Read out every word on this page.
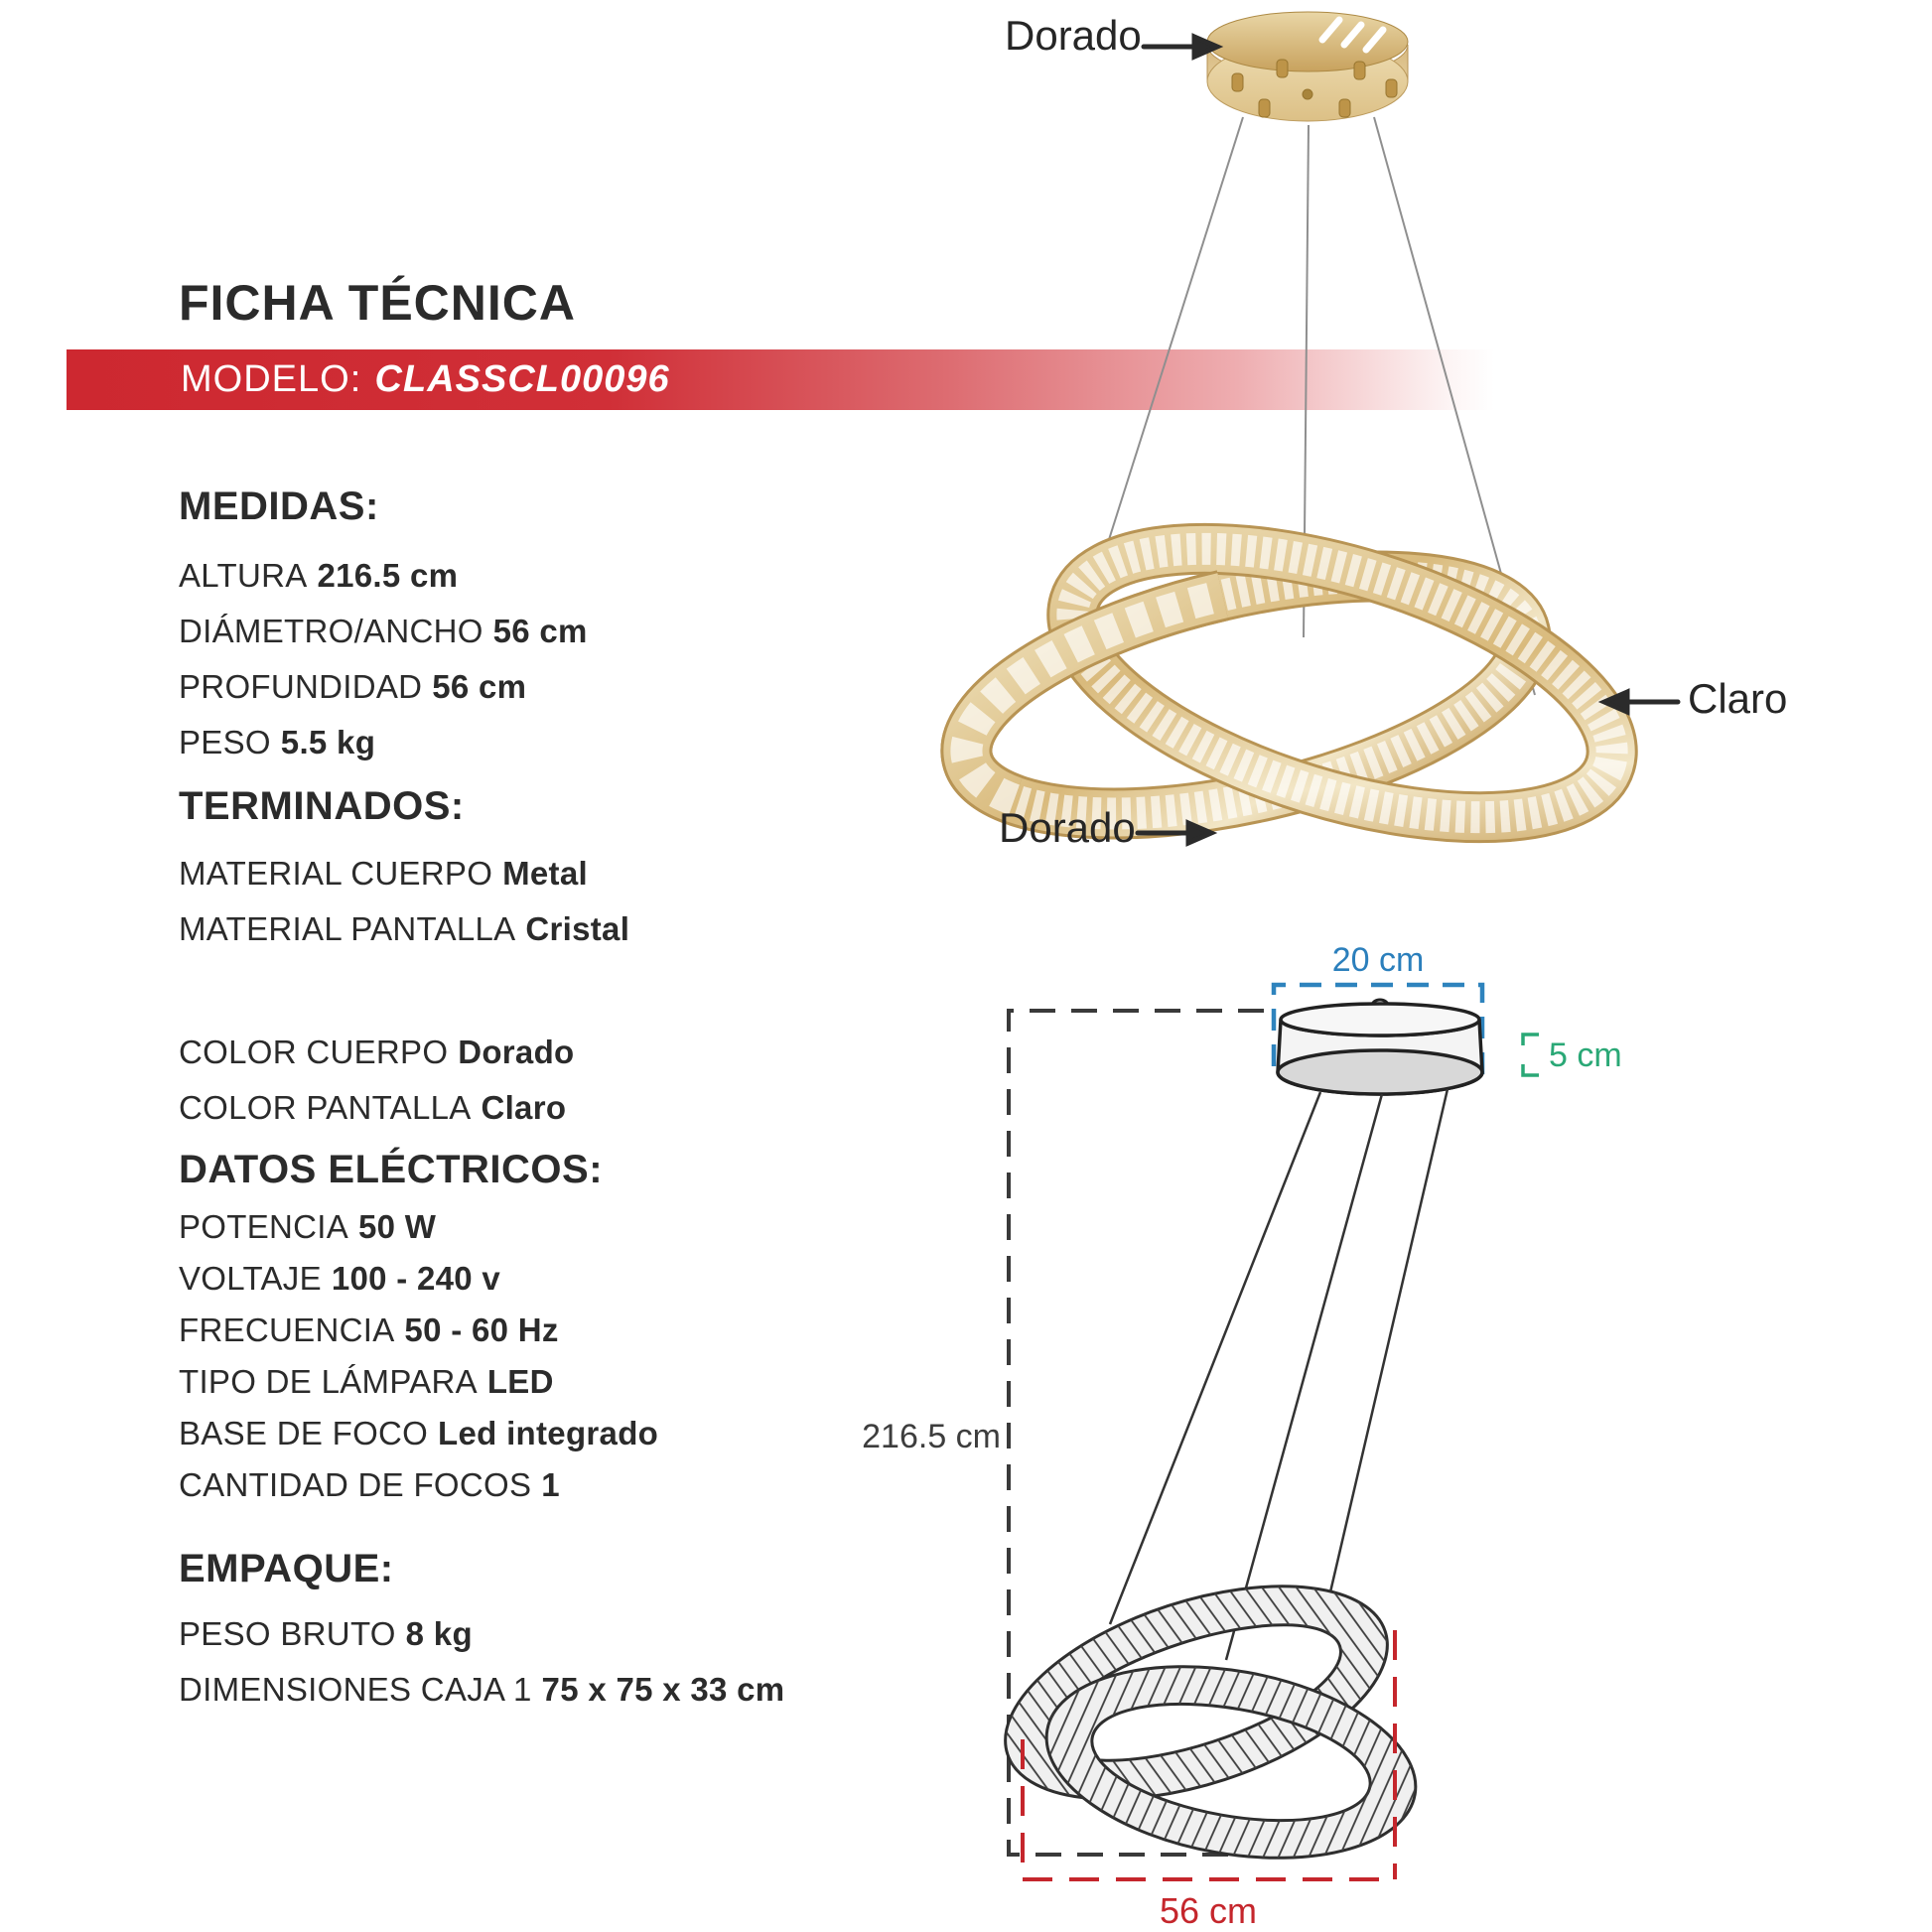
MODELO: CLASSCL00096
FICHA TÉCNICA
MEDIDAS:
ALTURA 216.5 cm
DIÁMETRO/ANCHO 56 cm
PROFUNDIDAD 56 cm
PESO 5.5 kg
TERMINADOS:
MATERIAL CUERPO Metal
MATERIAL PANTALLA Cristal
COLOR CUERPO Dorado
COLOR PANTALLA Claro
DATOS ELÉCTRICOS:
POTENCIA 50 W
VOLTAJE 100 - 240 v
FRECUENCIA 50 - 60 Hz
TIPO DE LÁMPARA LED
BASE DE FOCO Led integrado
CANTIDAD DE FOCOS 1
EMPAQUE:
PESO BRUTO 8 kg
DIMENSIONES CAJA 1 75 x 75 x 33 cm
Dorado
Claro
Dorado
20 cm
5 cm
216.5 cm
56 cm
